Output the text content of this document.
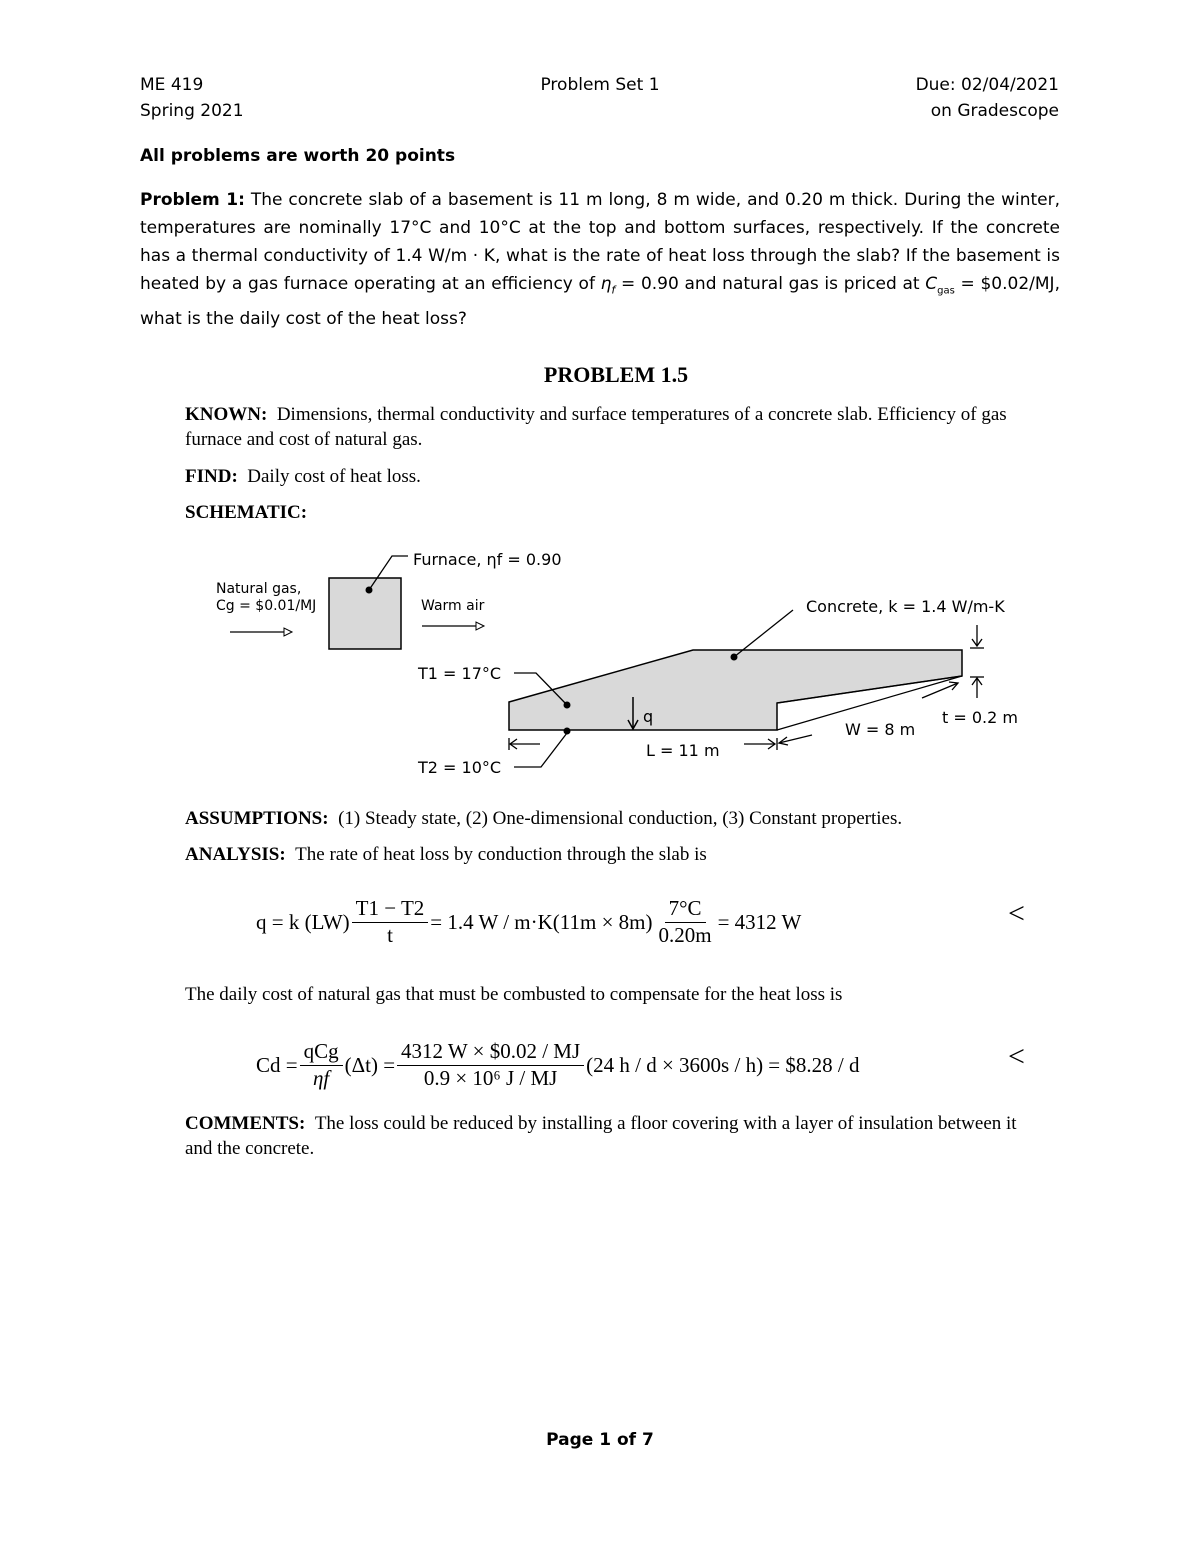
ME 419
Spring 2021
Problem Set 1	Due: 02/04/2021
on Gradescope
All problems are worth 20 points
Problem 1: The concrete slab of a basement is 11 m long, 8 m wide, and 0.20 m thick. During the winter, temperatures are nominally 17°C and 10°C at the top and bottom surfaces, respectively. If the concrete has a thermal conductivity of 1.4 W/m · K, what is the rate of heat loss through the slab? If the basement is heated by a gas furnace operating at an efficiency of $\eta_f = 0.90$ and natural gas is priced at $C_{gas}$ = $0.02/MJ, what is the daily cost of the heat loss?
PROBLEM 1.5
KNOWN: Dimensions, thermal conductivity and surface temperatures of a concrete slab. Efficiency of gas furnace and cost of natural gas.
FIND: Daily cost of heat loss.
SCHEMATIC:
Furnace, ηf = 0.90
Natural gas,
Cg = $0.01/MJ	Warm air	Concrete, k = 1.4 W/m-K
t = 0.2 m
T1 = 17°C
T2 = 10°C
q
L = 11 m
W = 8 m
ASSUMPTIONS: (1) Steady state, (2) One-dimensional conduction, (3) Constant properties.
ANALYSIS: The rate of heat loss by conduction through the slab is
q = k $(LW) \frac{T1 - T2}{t} = 1.4$ $W / m\cdot K(11m \times 8m) \frac{7^\circ C}{0.20m} = 4312$ W	<
The daily cost of natural gas that must be combusted to compensate for the heat loss is
$Cd = \frac{\text{qCg}}{\eta f} (\Delta t) = \frac{4312 W \times \$0.02 / MJ}{\text{0.9 × 10⁶ J / MJ}} (24$ h / d × 3600s / h) = $8.28 / d	<
COMMENTS: The loss could be reduced by installing a floor covering with a layer of insulation between it and the concrete.
Page 1 of 7
